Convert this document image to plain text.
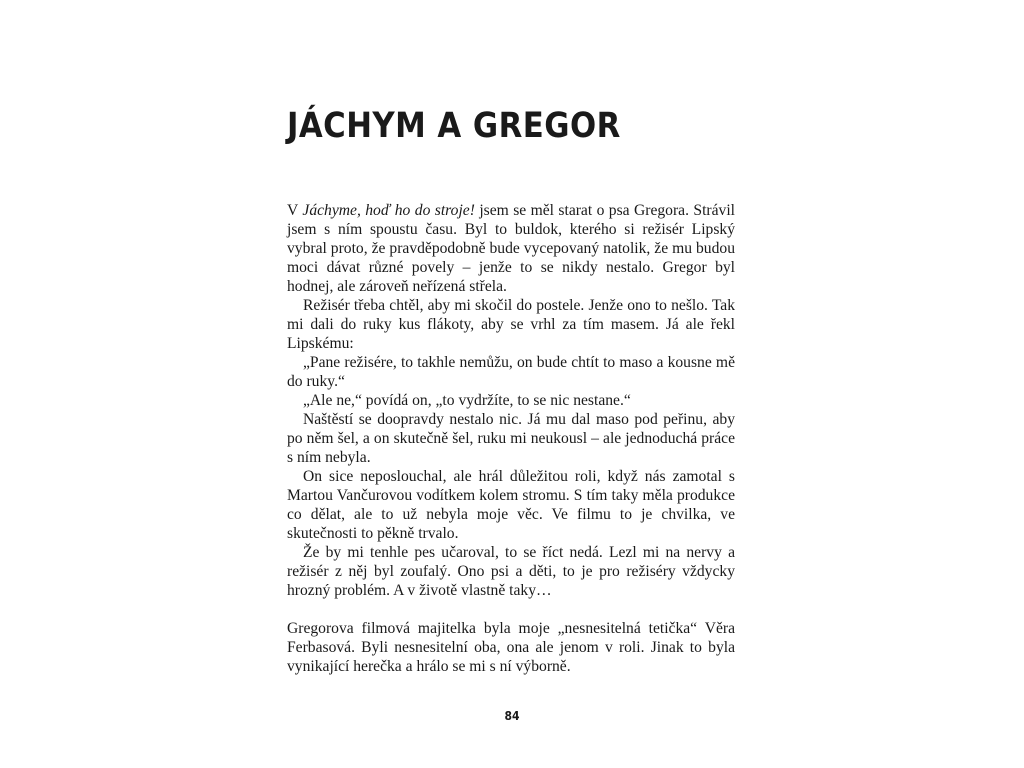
JÁCHYM A GREGOR

V Jáchyme, hoď ho do stroje! jsem se měl starat o psa Gregora. Strávil jsem s ním spoustu času. Byl to buldok, kterého si režisér Lipský vybral proto, že pravděpodobně bude vycepovaný natolik, že mu budou moci dávat různé povely – jenže to se nikdy nestalo. Gregor byl hodnej, ale zároveň neřízená střela.

Režisér třeba chtěl, aby mi skočil do postele. Jenže ono to nešlo. Tak mi dali do ruky kus flákoty, aby se vrhl za tím masem. Já ale řekl Lipskému:

„Pane režisére, to takhle nemůžu, on bude chtít to maso a kousne mě do ruky.“

„Ale ne,“ povídá on, „to vydržíte, to se nic nestane.“

Naštěstí se doopravdy nestalo nic. Já mu dal maso pod peřinu, aby po něm šel, a on skutečně šel, ruku mi neukousl – ale jednoduchá práce s ním nebyla.

On sice neposlouchal, ale hrál důležitou roli, když nás zamotal s Martou Vančurovou vodítkem kolem stromu. S tím taky měla produkce co dělat, ale to už nebyla moje věc. Ve filmu to je chvilka, ve skutečnosti to pěkně trvalo.

Že by mi tenhle pes učaroval, to se říct nedá. Lezl mi na nervy a režisér z něj byl zoufalý. Ono psi a děti, to je pro režiséry vždycky hrozný problém. A v životě vlastně taky…

Gregorova filmová majitelka byla moje „nesnesitelná tetička“ Věra Ferbasová. Byli nesnesitelní oba, ona ale jenom v roli. Jinak to byla vynikající herečka a hrálo se mi s ní výborně.

84
